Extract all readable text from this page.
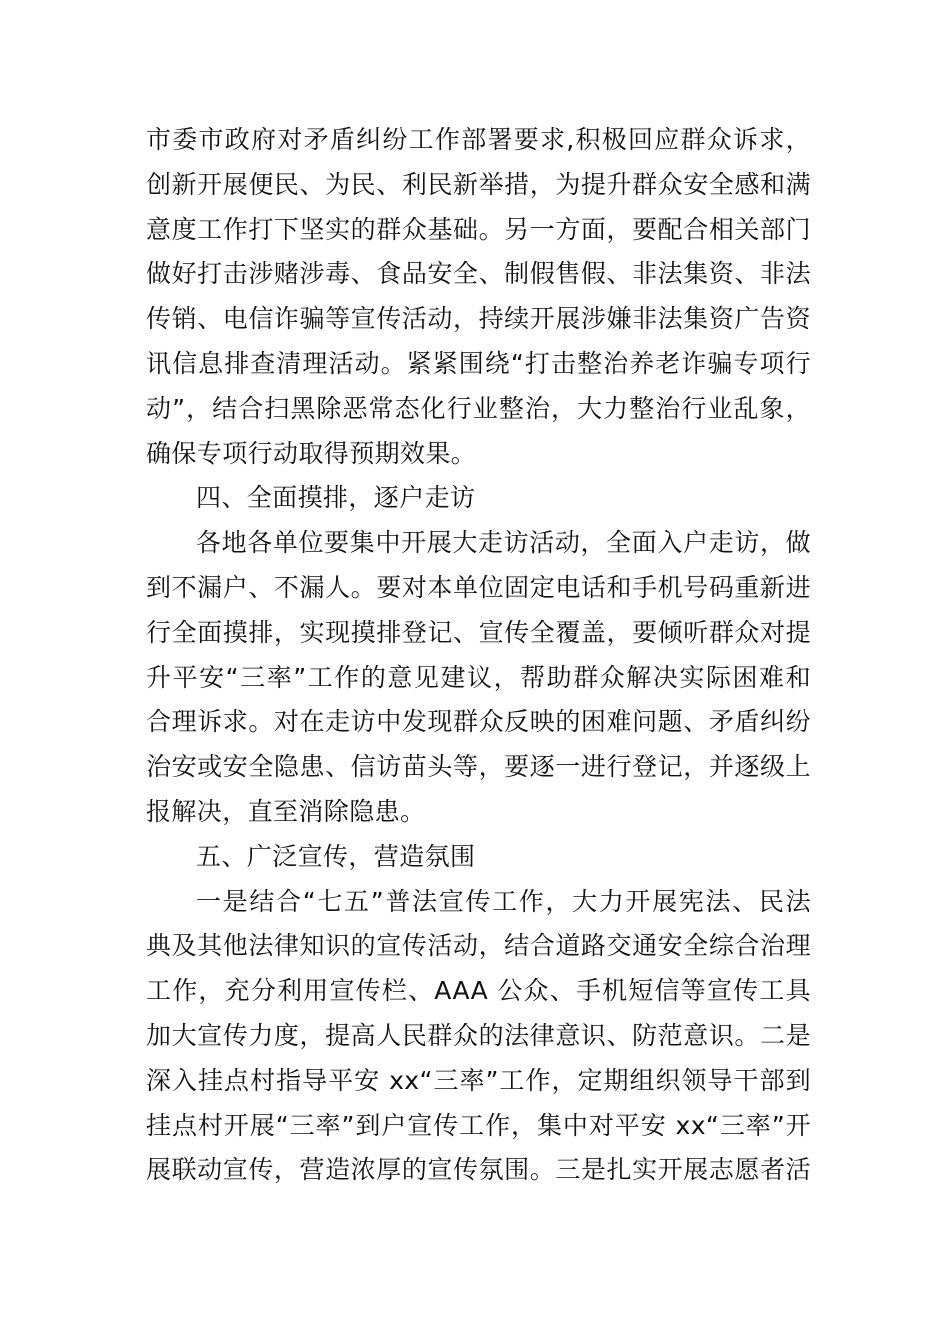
市委市政府对矛盾纠纷工作部署要求,积极回应群众诉求，
创新开展便民、为民、利民新举措，为提升群众安全感和满
意度工作打下坚实的群众基础。另一方面，要配合相关部门
做好打击涉赌涉毒、食品安全、制假售假、非法集资、非法
传销、电信诈骗等宣传活动，持续开展涉嫌非法集资广告资
讯信息排查清理活动。紧紧围绕“打击整治养老诈骗专项行
动”，结合扫黑除恶常态化行业整治，大力整治行业乱象，
确保专项行动取得预期效果。
四、全面摸排，逐户走访
各地各单位要集中开展大走访活动，全面入户走访，做
到不漏户、不漏人。要对本单位固定电话和手机号码重新进
行全面摸排，实现摸排登记、宣传全覆盖，要倾听群众对提
升平安“三率”工作的意见建议，帮助群众解决实际困难和
合理诉求。对在走访中发现群众反映的困难问题、矛盾纠纷
治安或安全隐患、信访苗头等，要逐一进行登记，并逐级上
报解决，直至消除隐患。
五、广泛宣传，营造氛围
一是结合“七五”普法宣传工作，大力开展宪法、民法
典及其他法律知识的宣传活动，结合道路交通安全综合治理
工作，充分利用宣传栏、AAA 公众、手机短信等宣传工具
加大宣传力度，提高人民群众的法律意识、防范意识。二是
深入挂点村指导平安 xx“三率”工作，定期组织领导干部到
挂点村开展“三率”到户宣传工作，集中对平安 xx“三率”开
展联动宣传，营造浓厚的宣传氛围。三是扎实开展志愿者活
